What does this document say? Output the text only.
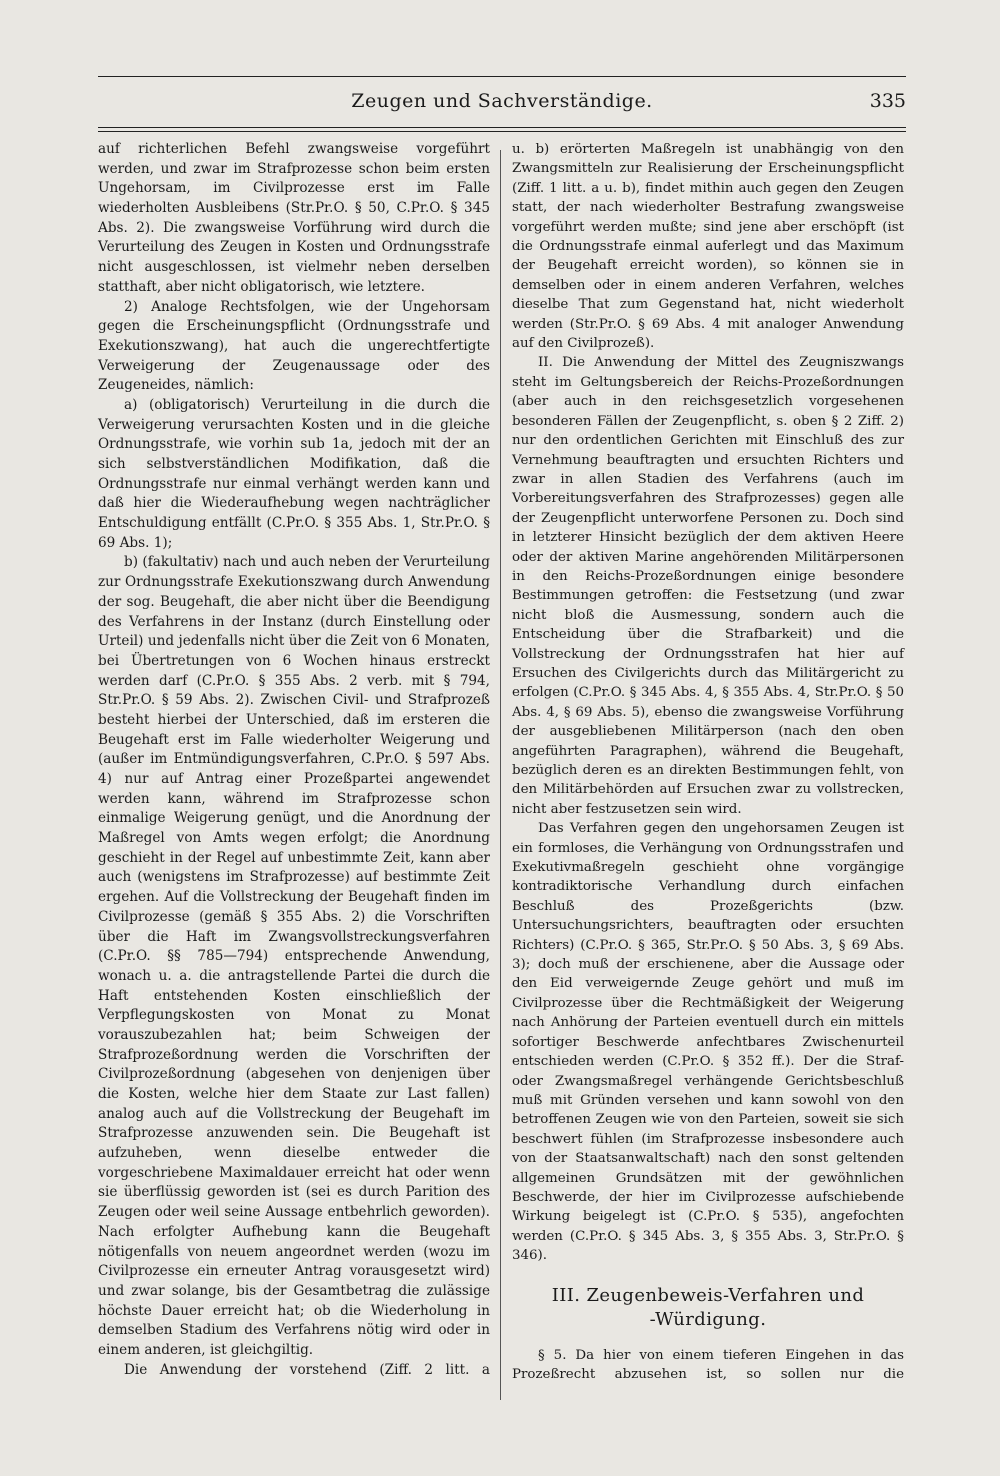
Zeugen und Sachverständige.	335

auf richterlichen Befehl zwangsweise vorgeführt werden, und zwar im Strafprozesse schon beim ersten Ungehorsam, im Civilprozesse erst im Falle wiederholten Ausbleibens (Str.Pr.O. § 50, C.Pr.O. § 345 Abs. 2). Die zwangsweise Vorführung wird durch die Verurteilung des Zeugen in Kosten und Ordnungsstrafe nicht ausgeschlossen, ist vielmehr neben derselben statthaft, aber nicht obligatorisch, wie letztere.

2) Analoge Rechtsfolgen, wie der Ungehorsam gegen die Erscheinungspflicht (Ordnungsstrafe und Exekutionszwang), hat auch die ungerechtfertigte Verweigerung der Zeugenaussage oder des Zeugeneides, nämlich:

a) (obligatorisch) Verurteilung in die durch die Verweigerung verursachten Kosten und in die gleiche Ordnungsstrafe, wie vorhin sub 1a, jedoch mit der an sich selbstverständlichen Modifikation, daß die Ordnungsstrafe nur einmal verhängt werden kann und daß hier die Wiederaufhebung wegen nachträglicher Entschuldigung entfällt (C.Pr.O. § 355 Abs. 1, Str.Pr.O. § 69 Abs. 1);

b) (fakultativ) nach und auch neben der Verurteilung zur Ordnungsstrafe Exekutionszwang durch Anwendung der sog. Beugehaft, die aber nicht über die Beendigung des Verfahrens in der Instanz (durch Einstellung oder Urteil) und jedenfalls nicht über die Zeit von 6 Monaten, bei Übertretungen von 6 Wochen hinaus erstreckt werden darf (C.Pr.O. § 355 Abs. 2 verb. mit § 794, Str.Pr.O. § 59 Abs. 2). Zwischen Civil- und Strafprozeß besteht hierbei der Unterschied, daß im ersteren die Beugehaft erst im Falle wiederholter Weigerung und (außer im Entmündigungsverfahren, C.Pr.O. § 597 Abs. 4) nur auf Antrag einer Prozeßpartei angewendet werden kann, während im Strafprozesse schon einmalige Weigerung genügt, und die Anordnung der Maßregel von Amts wegen erfolgt; die Anordnung geschieht in der Regel auf unbestimmte Zeit, kann aber auch (wenigstens im Strafprozesse) auf bestimmte Zeit ergehen. Auf die Vollstreckung der Beugehaft finden im Civilprozesse (gemäß § 355 Abs. 2) die Vorschriften über die Haft im Zwangsvollstreckungsverfahren (C.Pr.O. §§ 785—794) entsprechende Anwendung, wonach u. a. die antragstellende Partei die durch die Haft entstehenden Kosten einschließlich der Verpflegungskosten von Monat zu Monat vorauszubezahlen hat; beim Schweigen der Strafprozeßordnung werden die Vorschriften der Civilprozeßordnung (abgesehen von denjenigen über die Kosten, welche hier dem Staate zur Last fallen) analog auch auf die Vollstreckung der Beugehaft im Strafprozesse anzuwenden sein. Die Beugehaft ist aufzuheben, wenn dieselbe entweder die vorgeschriebene Maximaldauer erreicht hat oder wenn sie überflüssig geworden ist (sei es durch Parition des Zeugen oder weil seine Aussage entbehrlich geworden). Nach erfolgter Aufhebung kann die Beugehaft nötigenfalls von neuem angeordnet werden (wozu im Civilprozesse ein erneuter Antrag vorausgesetzt wird) und zwar solange, bis der Gesamtbetrag die zulässige höchste Dauer erreicht hat; ob die Wiederholung in demselben Stadium des Verfahrens nötig wird oder in einem anderen, ist gleichgiltig.

Die Anwendung der vorstehend (Ziff. 2 litt. a

u. b) erörterten Maßregeln ist unabhängig von den Zwangsmitteln zur Realisierung der Erscheinungspflicht (Ziff. 1 litt. a u. b), findet mithin auch gegen den Zeugen statt, der nach wiederholter Bestrafung zwangsweise vorgeführt werden mußte; sind jene aber erschöpft (ist die Ordnungsstrafe einmal auferlegt und das Maximum der Beugehaft erreicht worden), so können sie in demselben oder in einem anderen Verfahren, welches dieselbe That zum Gegenstand hat, nicht wiederholt werden (Str.Pr.O. § 69 Abs. 4 mit analoger Anwendung auf den Civilprozeß).

II. Die Anwendung der Mittel des Zeugniszwangs steht im Geltungsbereich der Reichs-Prozeßordnungen (aber auch in den reichsgesetzlich vorgesehenen besonderen Fällen der Zeugenpflicht, s. oben § 2 Ziff. 2) nur den ordentlichen Gerichten mit Einschluß des zur Vernehmung beauftragten und ersuchten Richters und zwar in allen Stadien des Verfahrens (auch im Vorbereitungsverfahren des Strafprozesses) gegen alle der Zeugenpflicht unterworfene Personen zu. Doch sind in letzterer Hinsicht bezüglich der dem aktiven Heere oder der aktiven Marine angehörenden Militärpersonen in den Reichs-Prozeßordnungen einige besondere Bestimmungen getroffen: die Festsetzung (und zwar nicht bloß die Ausmessung, sondern auch die Entscheidung über die Strafbarkeit) und die Vollstreckung der Ordnungsstrafen hat hier auf Ersuchen des Civilgerichts durch das Militärgericht zu erfolgen (C.Pr.O. § 345 Abs. 4, § 355 Abs. 4, Str.Pr.O. § 50 Abs. 4, § 69 Abs. 5), ebenso die zwangsweise Vorführung der ausgebliebenen Militärperson (nach den oben angeführten Paragraphen), während die Beugehaft, bezüglich deren es an direkten Bestimmungen fehlt, von den Militärbehörden auf Ersuchen zwar zu vollstrecken, nicht aber festzusetzen sein wird.

Das Verfahren gegen den ungehorsamen Zeugen ist ein formloses, die Verhängung von Ordnungsstrafen und Exekutivmaßregeln geschieht ohne vorgängige kontradiktorische Verhandlung durch einfachen Beschluß des Prozeßgerichts (bzw. Untersuchungsrichters, beauftragten oder ersuchten Richters) (C.Pr.O. § 365, Str.Pr.O. § 50 Abs. 3, § 69 Abs. 3); doch muß der erschienene, aber die Aussage oder den Eid verweigernde Zeuge gehört und muß im Civilprozesse über die Rechtmäßigkeit der Weigerung nach Anhörung der Parteien eventuell durch ein mittels sofortiger Beschwerde anfechtbares Zwischenurteil entschieden werden (C.Pr.O. § 352 ff.). Der die Straf- oder Zwangsmaßregel verhängende Gerichtsbeschluß muß mit Gründen versehen und kann sowohl von den betroffenen Zeugen wie von den Parteien, soweit sie sich beschwert fühlen (im Strafprozesse insbesondere auch von der Staatsanwaltschaft) nach den sonst geltenden allgemeinen Grundsätzen mit der gewöhnlichen Beschwerde, der hier im Civilprozesse aufschiebende Wirkung beigelegt ist (C.Pr.O. § 535), angefochten werden (C.Pr.O. § 345 Abs. 3, § 355 Abs. 3, Str.Pr.O. § 346).

III. Zeugenbeweis-Verfahren und
-Würdigung.

§ 5. Da hier von einem tieferen Eingehen in das Prozeßrecht abzusehen ist, so sollen nur die
